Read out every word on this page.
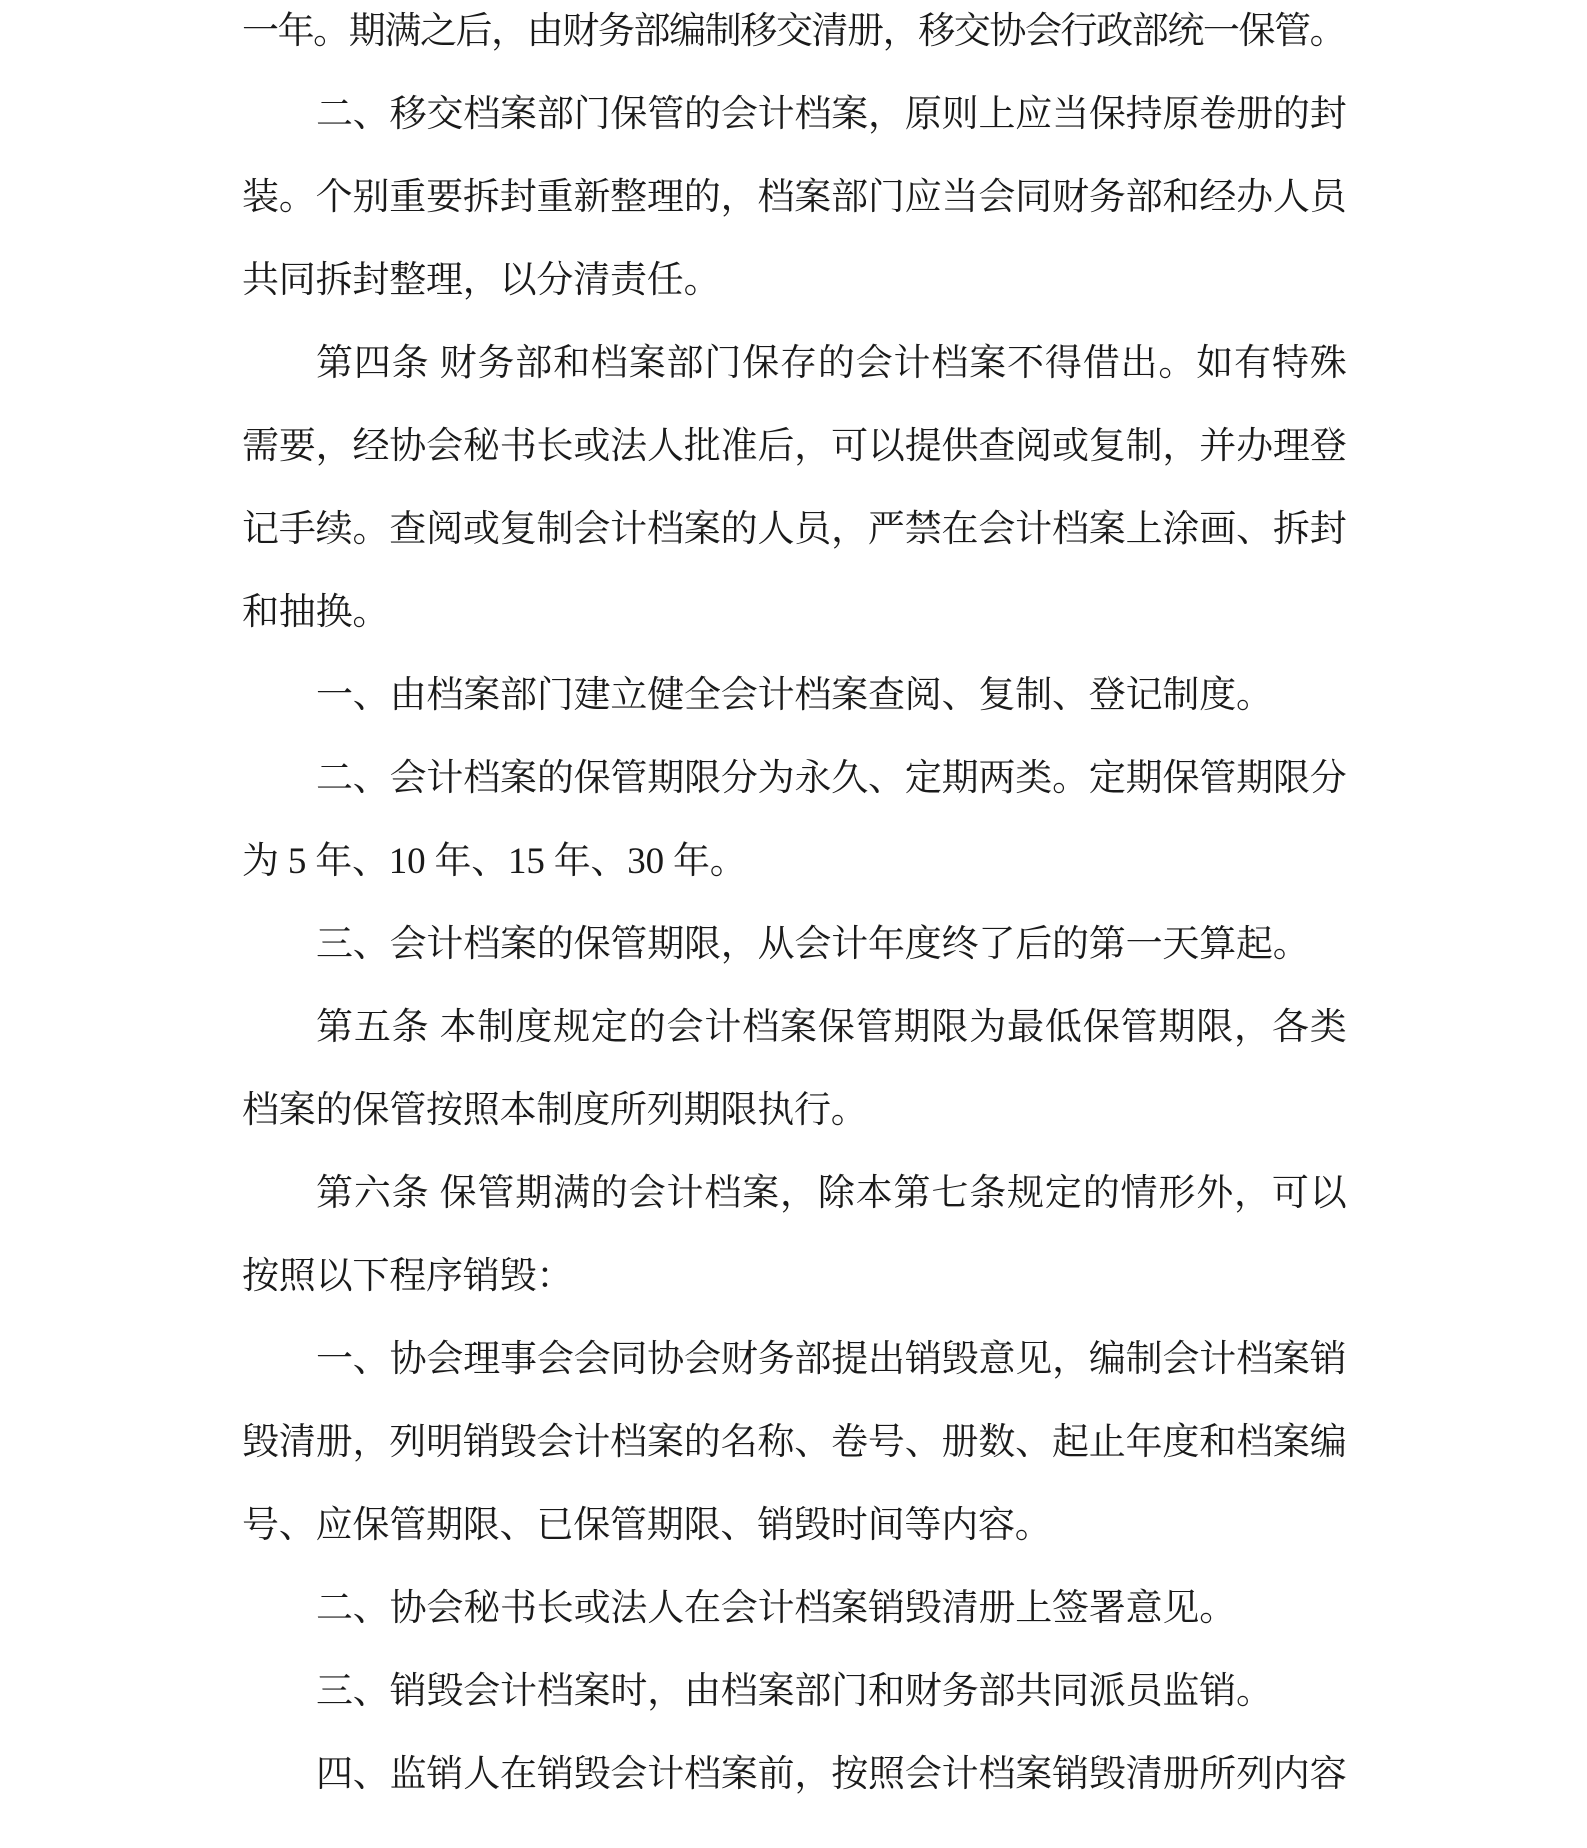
一年。期满之后，由财务部编制移交清册，移交协会行政部统一保管。
二、移交档案部门保管的会计档案，原则上应当保持原卷册的封
装。个别重要拆封重新整理的，档案部门应当会同财务部和经办人员
共同拆封整理，以分清责任。
第四条 财务部和档案部门保存的会计档案不得借出。如有特殊
需要，经协会秘书长或法人批准后，可以提供查阅或复制，并办理登
记手续。查阅或复制会计档案的人员，严禁在会计档案上涂画、拆封
和抽换。
一、由档案部门建立健全会计档案查阅、复制、登记制度。
二、会计档案的保管期限分为永久、定期两类。定期保管期限分
为 5 年、10 年、15 年、30 年。
三、会计档案的保管期限，从会计年度终了后的第一天算起。
第五条 本制度规定的会计档案保管期限为最低保管期限，各类
档案的保管按照本制度所列期限执行。
第六条 保管期满的会计档案，除本第七条规定的情形外，可以
按照以下程序销毁：
一、协会理事会会同协会财务部提出销毁意见，编制会计档案销
毁清册，列明销毁会计档案的名称、卷号、册数、起止年度和档案编
号、应保管期限、已保管期限、销毁时间等内容。
二、协会秘书长或法人在会计档案销毁清册上签署意见。
三、销毁会计档案时，由档案部门和财务部共同派员监销。
四、监销人在销毁会计档案前，按照会计档案销毁清册所列内容
